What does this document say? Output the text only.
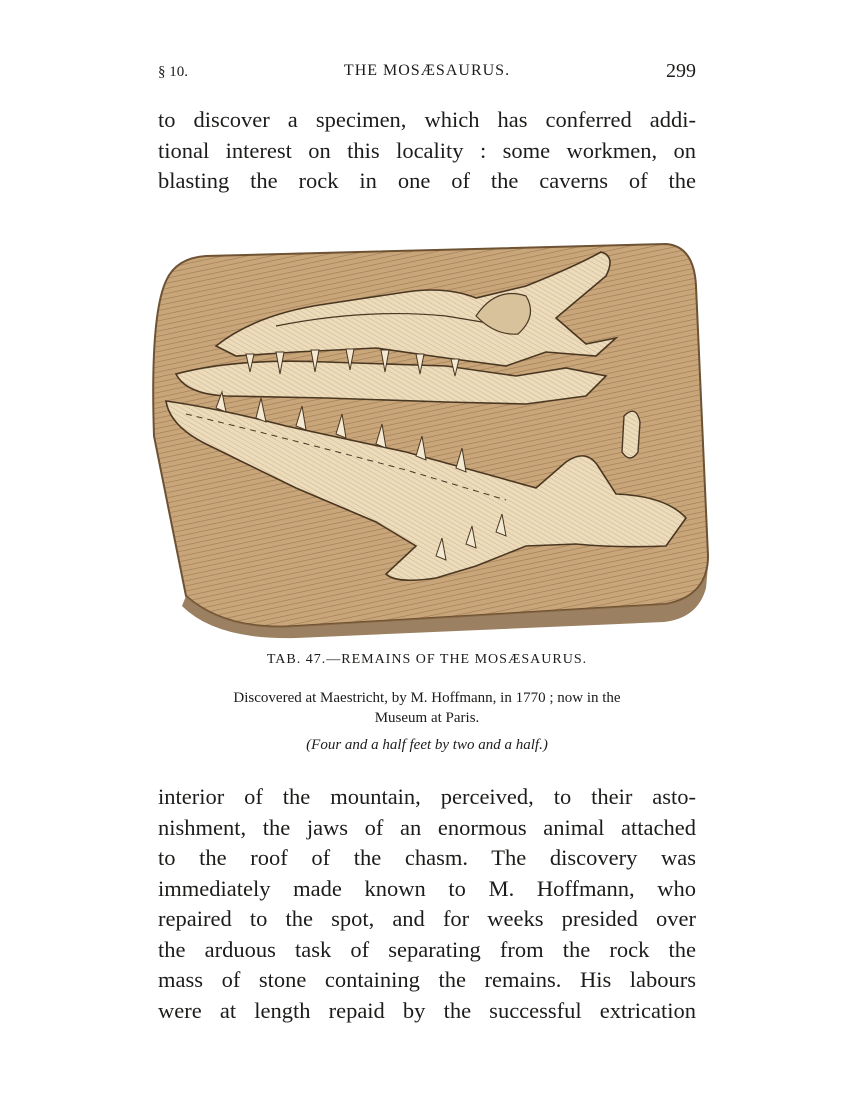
§ 10.	THE MOSÆSAURUS.	299
to discover a specimen, which has conferred addi-
tional interest on this locality : some workmen, on
blasting the rock in one of the caverns of the
TAB. 47.—REMAINS OF THE MOSÆSAURUS.
Discovered at Maestricht, by M. Hoffmann, in 1770 ; now in the
Museum at Paris.
(Four and a half feet by two and a half.)
interior of the mountain, perceived, to their asto-
nishment, the jaws of an enormous animal attached
to the roof of the chasm. The discovery was
immediately made known to M. Hoffmann, who
repaired to the spot, and for weeks presided over
the arduous task of separating from the rock the
mass of stone containing the remains. His labours
were at length repaid by the successful extrication
